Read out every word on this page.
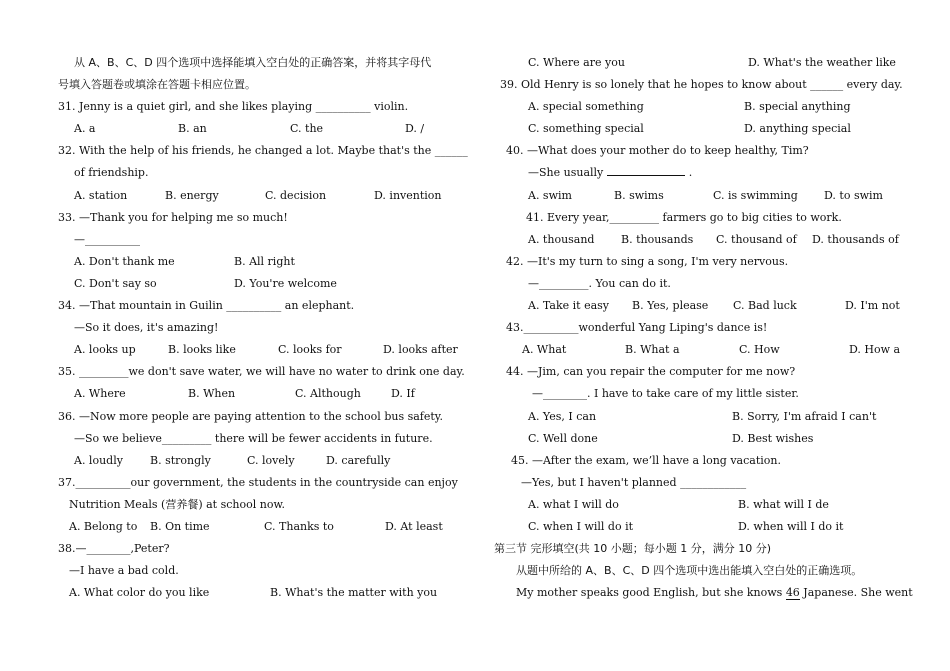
从 A、B、C、D 四个选项中选择能填入空白处的正确答案，并将其字母代
号填入答题卷或填涂在答题卡相应位置。
31. Jenny is a quiet girl, and she likes playing __________ violin.
A. a	B. an	C. the	D. /
32. With the help of his friends, he changed a lot. Maybe that's the ______
of friendship.
A. station	B. energy	C. decision	D. invention
33. —Thank you for helping me so much!
—__________
A. Don't thank me	B. All right
C. Don't say so	D. You're welcome
34. —That mountain in Guilin __________ an elephant.
—So it does, it's amazing!
A. looks up	B. looks like	C. looks for	D. looks after
35. _________we don't save water, we will have no water to drink one day.
A. Where	B. When	C. Although	D. If
36. —Now more people are paying attention to the school bus safety.
—So we believe_________ there will be fewer accidents in future.
A. loudly B. strongly	C. lovely	D. carefully
37.__________our government, the students in the countryside can enjoy
Nutrition Meals (营养餐) at school now.
A. Belong to B. On time	C. Thanks to	D. At least
38.—________,Peter?
—I have a bad cold.
A. What color do you like	B. What's the matter with you
C. Where are you	D. What's the weather like
39. Old Henry is so lonely that he hopes to know about ______ every day.
A. special something	B. special anything
C. something special	D. anything special
40. —What does your mother do to keep healthy, Tim?
—She usually	.
A. swim	B. swims	C. is swimming D. to swim
41. Every year,_________ farmers go to big cities to work.
A. thousand B. thousands C. thousand of D. thousands of
42. —It's my turn to sing a song, I'm very nervous.
—_________. You can do it.
A. Take it easy B. Yes, please C. Bad luck	D. I'm not
43.__________wonderful Yang Liping's dance is!
A. What	B. What a	C. How	D. How a
44. —Jim, can you repair the computer for me now?
—________. I have to take care of my little sister.
A. Yes, I can	B. Sorry, I'm afraid I can't
C. Well done	D. Best wishes
45. —After the exam, we’ll have a long vacation.
—Yes, but I haven't planned ____________
A. what I will do	B. what will I de
C. when I will do it	D. when will I do it
第三节 完形填空(共 10 小题；每小题 1 分，满分 10 分)
从题中所给的 A、B、C、D 四个选项中选出能填入空白处的正确选项。
My mother speaks good English, but she knows 46 Japanese. She went
